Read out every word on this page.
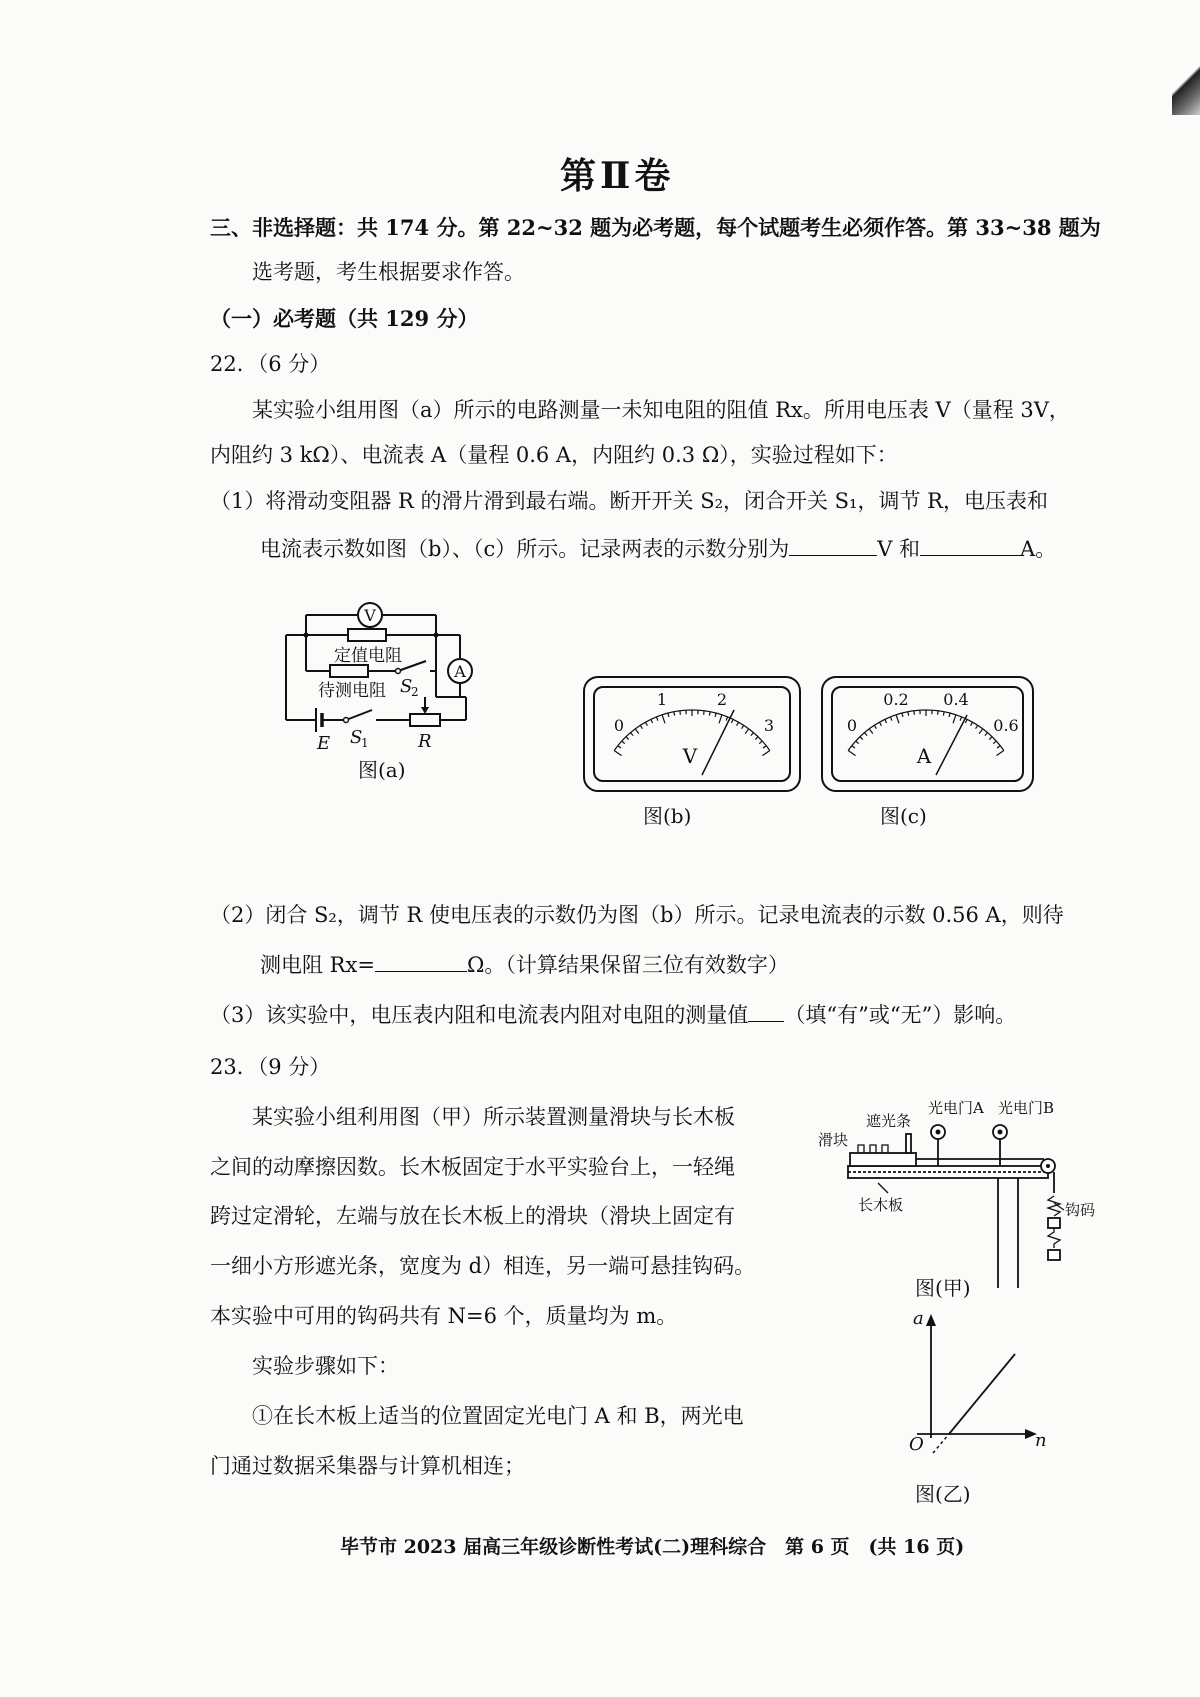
第Ⅱ卷
三、非选择题：共 174 分。第 22~32 题为必考题，每个试题考生必须作答。第 33~38 题为
选考题，考生根据要求作答。
（一）必考题（共 129 分）
22．（6 分）
某实验小组用图（a）所示的电路测量一未知电阻的阻值 Rx。所用电压表 V（量程 3V，
内阻约 3 kΩ）、电流表 A（量程 0.6 A，内阻约 0.3 Ω），实验过程如下：
（1）将滑动变阻器 R 的滑片滑到最右端。断开开关 S₂，闭合开关 S₁，调节 R，电压表和
电流表示数如图（b）、（c）所示。记录两表的示数分别为	V 和	A。
V
A
定值电阻
待测电阻 S
2
E S
1	R
图(a)
0
1	2
3
V
图(b)
0
0.2 0.4
0.6
A
图(c)
（2）闭合 S₂，调节 R 使电压表的示数仍为图（b）所示。记录电流表的示数 0.56 A，则待
测电阻 Rx=	Ω。（计算结果保留三位有效数字）
（3）该实验中，电压表内阻和电流表内阻对电阻的测量值 （填“有”或“无”）影响。
23．（9 分）
某实验小组利用图（甲）所示装置测量滑块与长木板
之间的动摩擦因数。长木板固定于水平实验台上，一轻绳
跨过定滑轮，左端与放在长木板上的滑块（滑块上固定有
一细小方形遮光条，宽度为 d）相连，另一端可悬挂钩码。
本实验中可用的钩码共有 N=6 个，质量均为 m。
实验步骤如下：
①在长木板上适当的位置固定光电门 A 和 B，两光电
门通过数据采集器与计算机相连；
滑块
遮光条
光电门A 光电门B
长木板	钩码
图(甲)
a
n
O
图(乙)
毕节市 2023 届高三年级诊断性考试(二)理科综合　第 6 页　(共 16 页)
